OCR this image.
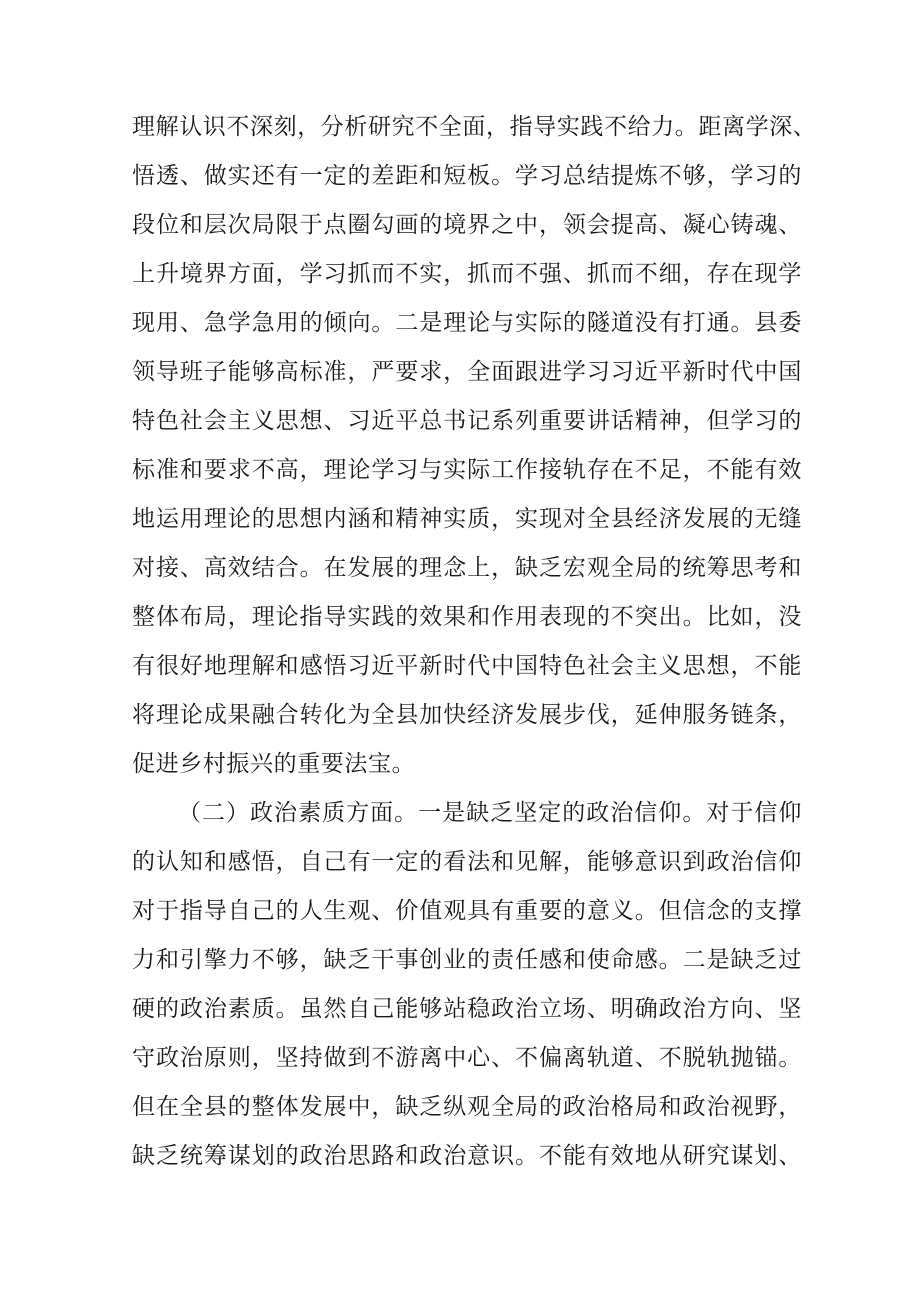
理解认识不深刻，分析研究不全面，指导实践不给力。距离学深、
悟透、做实还有一定的差距和短板。学习总结提炼不够，学习的
段位和层次局限于点圈勾画的境界之中，领会提高、凝心铸魂、
上升境界方面，学习抓而不实，抓而不强、抓而不细，存在现学
现用、急学急用的倾向。二是理论与实际的隧道没有打通。县委
领导班子能够高标准，严要求，全面跟进学习习近平新时代中国
特色社会主义思想、习近平总书记系列重要讲话精神，但学习的
标准和要求不高，理论学习与实际工作接轨存在不足，不能有效
地运用理论的思想内涵和精神实质，实现对全县经济发展的无缝
对接、高效结合。在发展的理念上，缺乏宏观全局的统筹思考和
整体布局，理论指导实践的效果和作用表现的不突出。比如，没
有很好地理解和感悟习近平新时代中国特色社会主义思想，不能
将理论成果融合转化为全县加快经济发展步伐，延伸服务链条，
促进乡村振兴的重要法宝。
（二）政治素质方面。一是缺乏坚定的政治信仰。对于信仰
的认知和感悟，自己有一定的看法和见解，能够意识到政治信仰
对于指导自己的人生观、价值观具有重要的意义。但信念的支撑
力和引擎力不够，缺乏干事创业的责任感和使命感。二是缺乏过
硬的政治素质。虽然自己能够站稳政治立场、明确政治方向、坚
守政治原则，坚持做到不游离中心、不偏离轨道、不脱轨抛锚。
但在全县的整体发展中，缺乏纵观全局的政治格局和政治视野，
缺乏统筹谋划的政治思路和政治意识。不能有效地从研究谋划、
